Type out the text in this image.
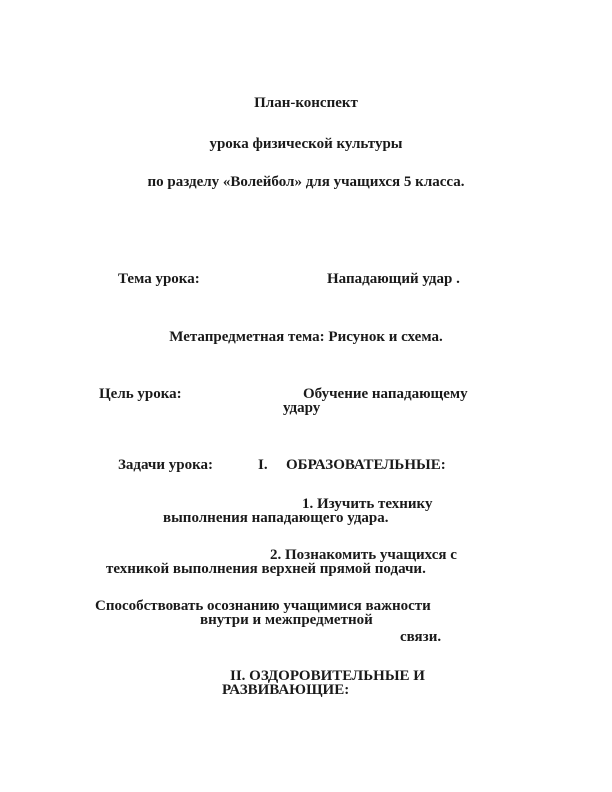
План-конспект
урока физической культуры
по разделу «Волейбол» для учащихся 5 класса.
Тема урока:	Нападающий удар .
Метапредметная тема: Рисунок и схема.
Цель урока:	Обучение нападающему
удару
Задачи урока:	I. ОБРАЗОВАТЕЛЬНЫЕ:
1. Изучить технику
выполнения нападающего удара.
2. Познакомить учащихся с
техникой выполнения верхней прямой подачи.
Способствовать осознанию учащимися важности
внутри и межпредметной
связи.
II. ОЗДОРОВИТЕЛЬНЫЕ И
РАЗВИВАЮЩИЕ:
